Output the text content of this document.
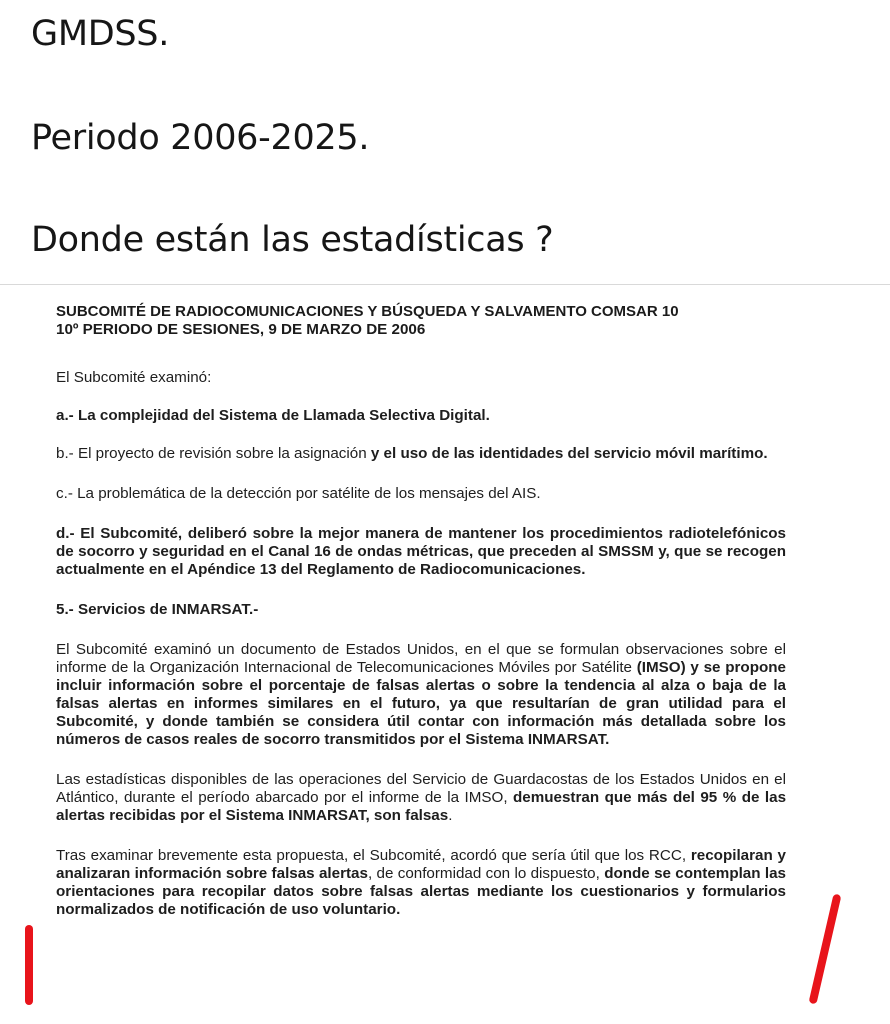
GMDSS.
Periodo 2006-2025.
Donde están las estadísticas ?

SUBCOMITÉ DE RADIOCOMUNICACIONES Y BÚSQUEDA Y SALVAMENTO COMSAR 10

10º PERIODO DE SESIONES, 9 DE MARZO DE 2006

El Subcomité examinó:

a.- La complejidad del Sistema de Llamada Selectiva Digital.

b.- El proyecto de revisión sobre la asignación y el uso de las identidades del servicio móvil marítimo.

c.- La problemática de la detección por satélite de los mensajes del AIS.

d.- El Subcomité, deliberó sobre la mejor manera de mantener los procedimientos radiotelefónicos de socorro y seguridad en el Canal 16 de ondas métricas, que preceden al SMSSM y, que se recogen actualmente en el Apéndice 13 del Reglamento de Radiocomunicaciones.

5.- Servicios de INMARSAT.-

El Subcomité examinó un documento de Estados Unidos, en el que se formulan observaciones sobre el informe de la Organización Internacional de Telecomunicaciones Móviles por Satélite (IMSO) y se propone incluir información sobre el porcentaje de falsas alertas o sobre la tendencia al alza o baja de la falsas alertas en informes similares en el futuro, ya que resultarían de gran utilidad para el Subcomité, y donde también se considera útil contar con información más detallada sobre los números de casos reales de socorro transmitidos por el Sistema INMARSAT.

Las estadísticas disponibles de las operaciones del Servicio de Guardacostas de los Estados Unidos en el Atlántico, durante el período abarcado por el informe de la IMSO, demuestran que más del 95 % de las alertas recibidas por el Sistema INMARSAT, son falsas.

Tras examinar brevemente esta propuesta, el Subcomité, acordó que sería útil que los RCC, recopilaran y analizaran información sobre falsas alertas, de conformidad con lo dispuesto, donde se contemplan las orientaciones para recopilar datos sobre falsas alertas mediante los cuestionarios y formularios normalizados de notificación de uso voluntario.
